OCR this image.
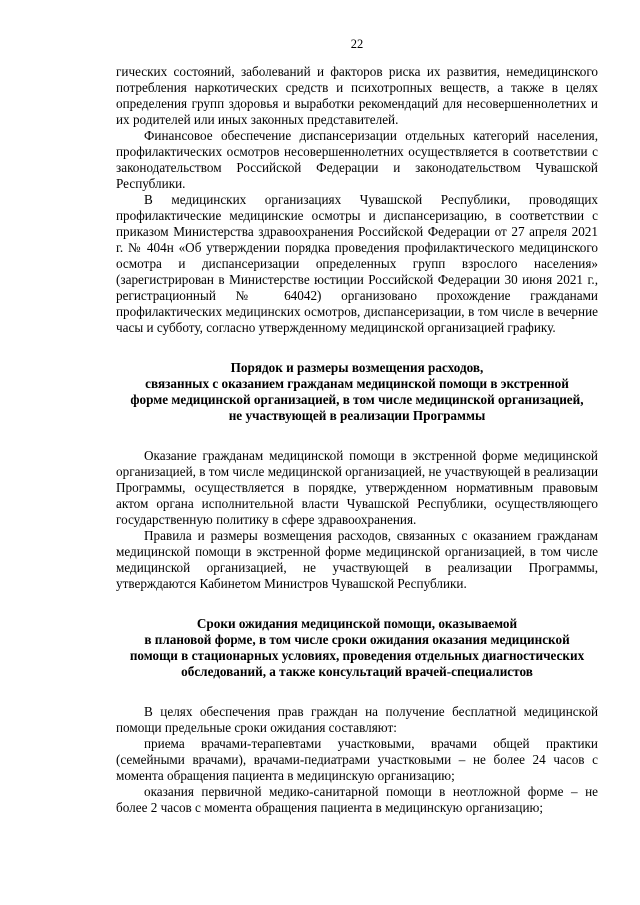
22

гических состояний, заболеваний и факторов риска их развития, немедицинского потребления наркотических средств и психотропных веществ, а также в целях определения групп здоровья и выработки рекомендаций для несовершеннолетних и их родителей или иных законных представителей.

Финансовое обеспечение диспансеризации отдельных категорий населения, профилактических осмотров несовершеннолетних осуществляется в соответствии с законодательством Российской Федерации и законодательством Чувашской Республики.

В медицинских организациях Чувашской Республики, проводящих профилактические медицинские осмотры и диспансеризацию, в соответствии с приказом Министерства здравоохранения Российской Федерации от 27 апреля 2021 г. № 404н «Об утверждении порядка проведения профилактического медицинского осмотра и диспансеризации определенных групп взрослого населения» (зарегистрирован в Министерстве юстиции Российской Федерации 30 июня 2021 г., регистрационный № 64042) организовано прохождение гражданами профилактических медицинских осмотров, диспансеризации, в том числе в вечерние часы и субботу, согласно утвержденному медицинской организацией графику.

Порядок и размеры возмещения расходов,
связанных с оказанием гражданам медицинской помощи в экстренной
форме медицинской организацией, в том числе медицинской организацией,
не участвующей в реализации Программы

Оказание гражданам медицинской помощи в экстренной форме медицинской организацией, в том числе медицинской организацией, не участвующей в реализации Программы, осуществляется в порядке, утвержденном нормативным правовым актом органа исполнительной власти Чувашской Республики, осуществляющего государственную политику в сфере здравоохранения.

Правила и размеры возмещения расходов, связанных с оказанием гражданам медицинской помощи в экстренной форме медицинской организацией, в том числе медицинской организацией, не участвующей в реализации Программы, утверждаются Кабинетом Министров Чувашской Республики.

Сроки ожидания медицинской помощи, оказываемой
в плановой форме, в том числе сроки ожидания оказания медицинской
помощи в стационарных условиях, проведения отдельных диагностических
обследований, а также консультаций врачей-специалистов

В целях обеспечения прав граждан на получение бесплатной медицинской помощи предельные сроки ожидания составляют:

приема врачами-терапевтами участковыми, врачами общей практики (семейными врачами), врачами-педиатрами участковыми – не более 24 часов с момента обращения пациента в медицинскую организацию;

оказания первичной медико-санитарной помощи в неотложной форме – не более 2 часов с момента обращения пациента в медицинскую организацию;
